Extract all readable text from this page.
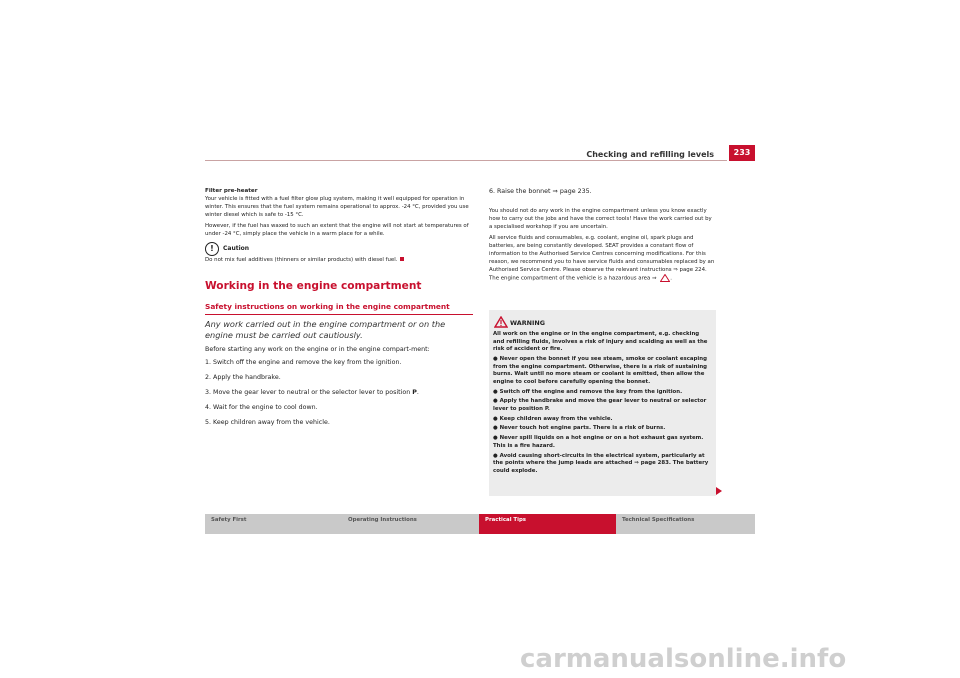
Checking and refilling levels	233
Filter pre-heater

Your vehicle is fitted with a fuel filter glow plug system, making it well equipped for operation in winter. This ensures that the fuel system remains operational to approx. -24 °C, provided you use winter diesel which is safe to -15 °C.

However, if the fuel has waxed to such an extent that the engine will not start at temperatures of under -24 °C, simply place the vehicle in a warm place for a while.

!	Caution

Do not mix fuel additives (thinners or similar products) with diesel fuel.

Working in the engine compartment
Safety instructions on working in the engine compartment
Any work carried out in the engine compartment or on the engine must be carried out cautiously.
Before starting any work on the engine or in the engine compart-ment:
1. Switch off the engine and remove the key from the ignition.
2. Apply the handbrake.
3. Move the gear lever to neutral or the selector lever to position P.
4. Wait for the engine to cool down.
5. Keep children away from the vehicle.
6. Raise the bonnet ⇒ page 235.

You should not do any work in the engine compartment unless you know exactly how to carry out the jobs and have the correct tools! Have the work carried out by a specialised workshop if you are uncertain.

All service fluids and consumables, e.g. coolant, engine oil, spark plugs and batteries, are being constantly developed. SEAT provides a constant flow of information to the Authorised Service Centres concerning modifications. For this reason, we recommend you to have service fluids and consumables replaced by an Authorised Service Centre. Please observe the relevant instructions ⇒ page 224. The engine compartment of the vehicle is a hazardous area ⇒	.

WARNING

All work on the engine or in the engine compartment, e.g. checking and refilling fluids, involves a risk of injury and scalding as well as the risk of accident or fire.

● Never open the bonnet if you see steam, smoke or coolant escaping from the engine compartment. Otherwise, there is a risk of sustaining burns. Wait until no more steam or coolant is emitted, then allow the engine to cool before carefully opening the bonnet.

● Switch off the engine and remove the key from the ignition.

● Apply the handbrake and move the gear lever to neutral or selector lever to position P.

● Keep children away from the vehicle.

● Never touch hot engine parts. There is a risk of burns.

● Never spill liquids on a hot engine or on a hot exhaust gas system. This is a fire hazard.

● Avoid causing short-circuits in the electrical system, particularly at the points where the jump leads are attached ⇒ page 283. The battery could explode.

Safety First	Operating Instructions	Practical Tips	Technical Specifications
carmanualsonline.info
